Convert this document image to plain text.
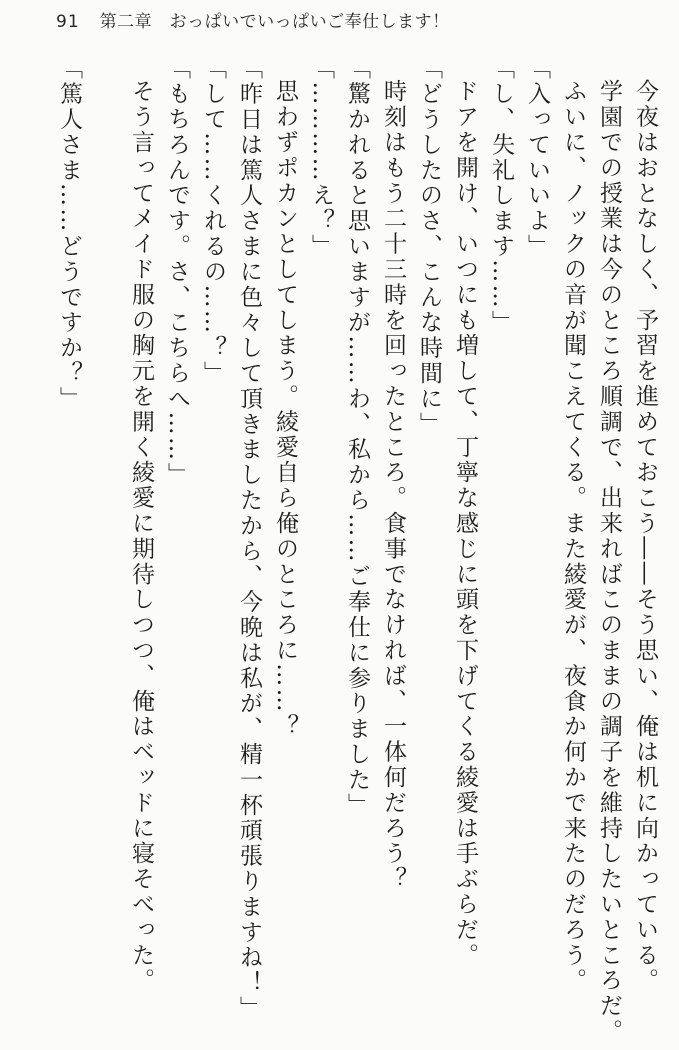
91 第二章　おっぱいでいっぱいご奉仕します！

今夜はおとなしく、予習を進めておこう――そう思い、俺は机に向かっている。

学園での授業は今のところ順調で、出来ればこのままの調子を維持したいところだ。

ふいに、ノックの音が聞こえてくる。また綾愛が、夜食か何かで来たのだろう。

「入っていいよ」

「し、失礼します……」

ドアを開け、いつにも増して、丁寧な感じに頭を下げてくる綾愛は手ぶらだ。

「どうしたのさ、こんな時間に」

時刻はもう二十三時を回ったところ。食事でなければ、一体何だろう？

「驚かれると思いますが……わ、私から……ご奉仕に参りました」

「…………え？」

思わずポカンとしてしまう。綾愛自ら俺のところに……？

「昨日は篤人さまに色々して頂きましたから、今晩は私が、精一杯頑張りますね！」

「して……くれるの……？」

「もちろんです。さ、こちらへ……」

そう言ってメイド服の胸元を開く綾愛に期待しつつ、俺はベッドに寝そべった。

「篤人さま……どうですか？」
